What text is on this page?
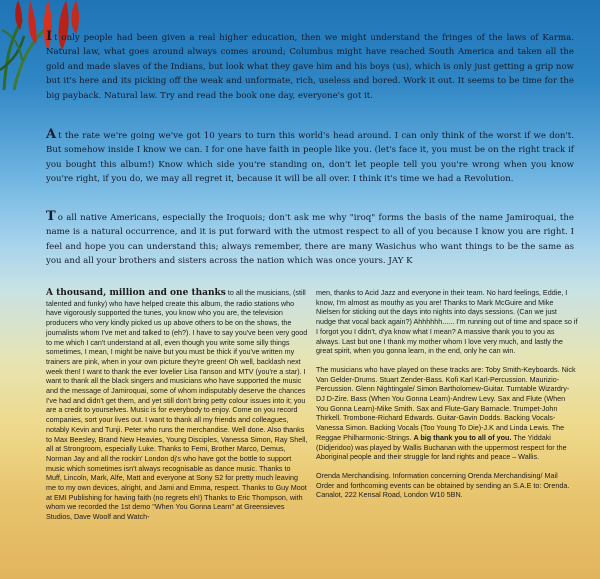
It only people had been given a real higher education, then we might understand the fringes of the laws of Karma. Natural law, what goes around always comes around; Columbus might have reached South America and taken all the gold and made slaves of the Indians, but look what they gave him and his boys (us), which is only just getting a grip now but it's here and its picking off the weak and unformate, rich, useless and bored. Work it out. It seems to be time for the big payback. Natural law. Try and read the book one day, everyone's got it.

At the rate we're going we've got 10 years to turn this world's head around. I can only think of the worst if we don't. But somehow inside I know we can. I for one have faith in people like you. (let's face it, you must be on the right track if you bought this album!) Know which side you're standing on, don't let people tell you you're wrong when you know you're right, if you do, we may all regret it, because it will be all over. I think it's time we had a Revolution.

To all native Americans, especially the Iroquois; don't ask me why "iroq" forms the basis of the name Jamiroquai, the name is a natural occurrence, and it is put forward with the utmost respect to all of you because I know you are right. I feel and hope you can understand this; always remember, there are many Wasichus who want things to be the same as you and all your brothers and sisters across the nation which was once yours. JAY K

A thousand, million and one thanks to all the musicians, (still talented and funky) who have helped create this album, the radio stations who have vigorously supported the tunes, you know who you are, the television producers who very kindly picked us up above others to be on the shows, the journalists whom I've met and talked to (eh?). I have to say you've been very good to me which I can't understand at all, even though you write some silly things sometimes, I mean, I might be naive but you must be thick if you've written my trainers are pink, when in your own picture they're green! Oh well, backlash next week then! I want to thank the ever lovelier Lisa I'anson and MTV (you're a star). I want to thank all the black singers and musicians who have supported the music and the message of Jamiroquai, some of whom indisputably deserve the chances I've had and didn't get them, and yet still don't bring petty colour issues into it; you are a credit to yourselves. Music is for everybody to enjoy. Come on you record companies, sort your lives out. I want to thank all my friends and colleagues, notably Kevin and Tunji. Peter who runs the merchandise. Well done. Also thanks to Max Beesley, Brand New Heavies, Young Disciples, Vanessa Simon, Ray Shell, all at Strongroom, especially Luke. Thanks to Femi, Brother Marco, Demus, Norman Jay and all the rockin' London dj's who have got the bottle to support music which sometimes isn't always recognisable as dance music. Thanks to Muff, Lincoln, Mark, Alfe, Matt and everyone at Sony S2 for pretty much leaving me to my own devices, alright, and Jami and Emma, respect. Thanks to Guy Moot at EMI Publishing for having faith (no regrets eh!) Thanks to Eric Thompson, with whom we recorded the 1st demo "When You Gonna Learn" at Greensieves Studios, Dave Woolf and Watch-

men, thanks to Acid Jazz and everyone in their team. No hard feelings, Eddie, I know, I'm almost as mouthy as you are! Thanks to Mark McGuire and Mike Nielsen for sticking out the days into nights into days sessions. (Can we just nudge that vocal back again?) Ahhhhhh...... I'm running out of time and space so if I forgot you I didn't, d'ya know what I mean? A massive thank you to you as always. Last but one I thank my mother whom I love very much, and lastly the great spirit, when you gonna learn, in the end, only he can win.

The musicians who have played on these tracks are: Toby Smith-Keyboards. Nick Van Gelder-Drums. Stuart Zender-Bass. Kofi Karl Karl-Percussion. Maurizio-Percussion. Glenn Nightingale/ Simon Bartholomew-Guitar. Turntable Wizardry-DJ D-Zire. Bass (When You Gonna Learn)-Andrew Levy. Sax and Flute (When You Gonna Learn)-Mike Smith. Sax and Flute-Gary Barnacle. Trumpet-John Thirkell. Trombone-Richard Edwards. Guitar-Gavin Dodds. Backing Vocals-Vanessa Simon. Backing Vocals (Too Young To Die)-J.K and Linda Lewis. The Reggae Philharmonic-Strings. A big thank you to all of you. The Yiddaki (Didjeridoo) was played by Wallis Buchanan with the uppermost respect for the Aboriginal people and their struggle for land rights and peace – Wallis.

Orenda Merchandising. Information concerning Orenda Merchandising/ Mail Order and forthcoming events can be obtained by sending an S.A.E to: Orenda. Canalot, 222 Kensal Road, London W10 5BN.
